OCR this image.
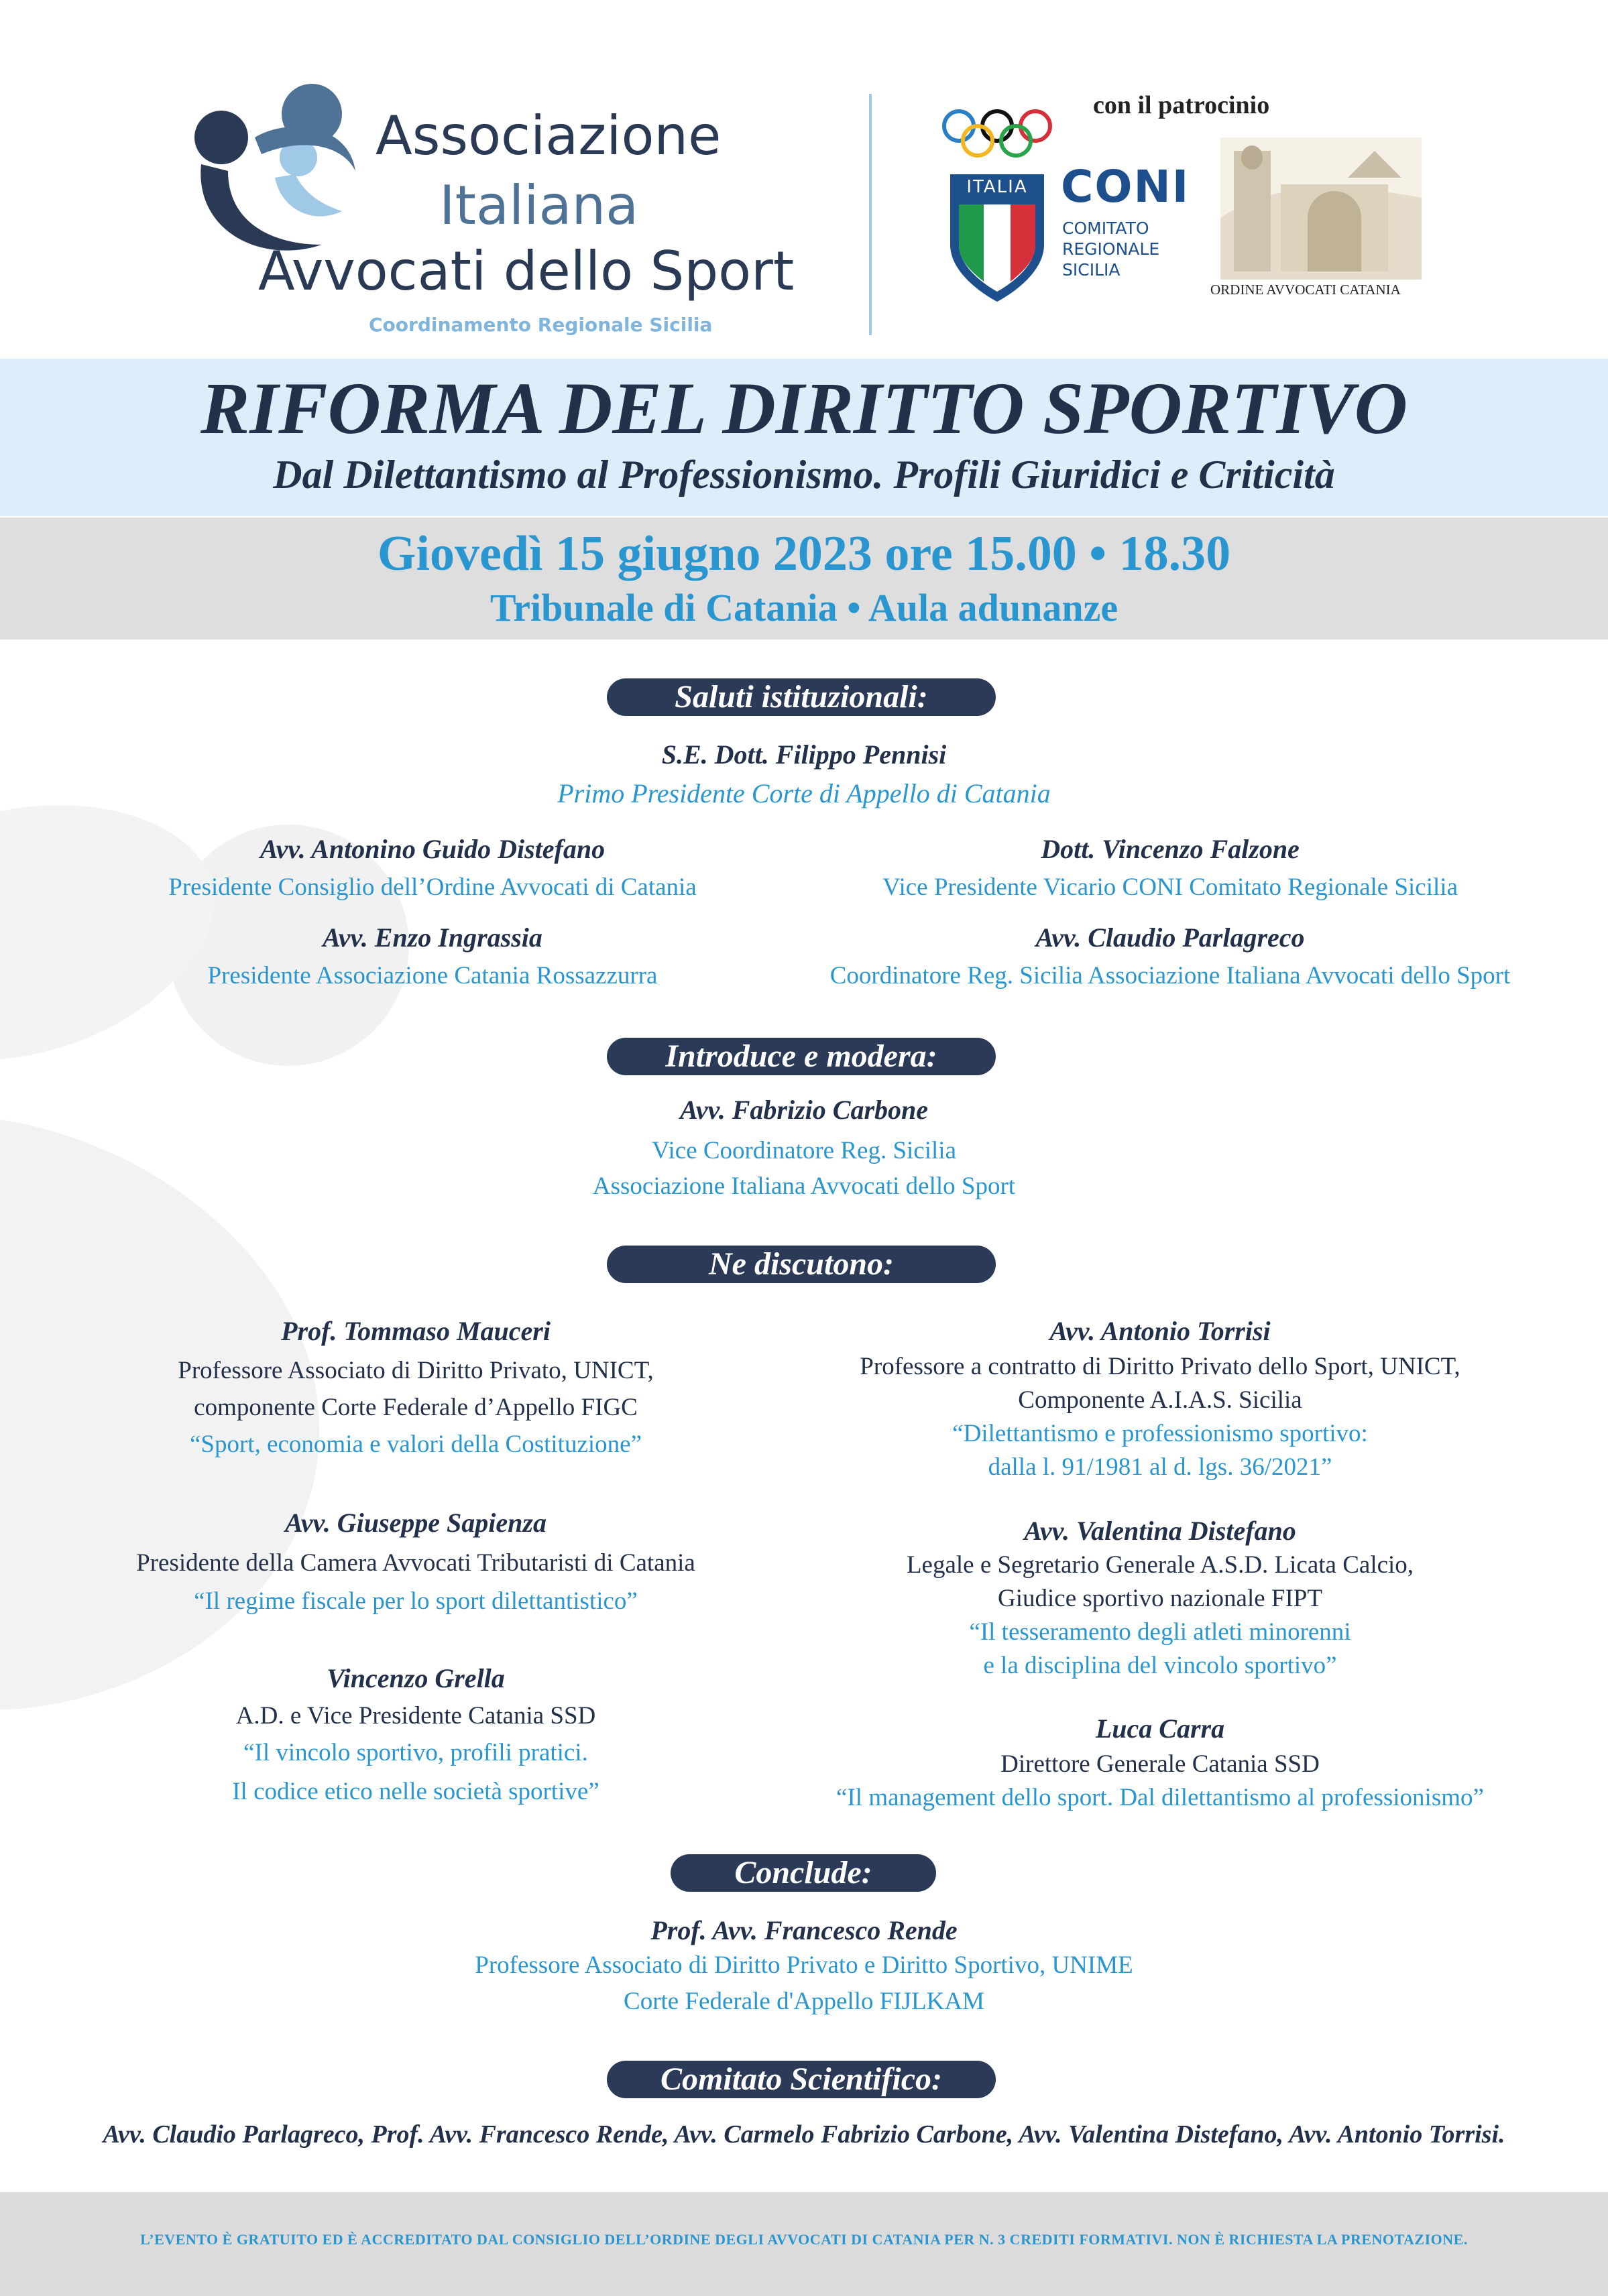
Associazione
Italiana
Avvocati dello Sport
Coordinamento Regionale Sicilia
con il patrocinio
ITALIA CONI
COMITATO
REGIONALE
SICILIA
ORDINE AVVOCATI CATANIA
RIFORMA DEL DIRITTO SPORTIVO
Dal Dilettantismo al Professionismo. Profili Giuridici e Criticità
Giovedì 15 giugno 2023 ore 15.00 • 18.30
Tribunale di Catania • Aula adunanze
Saluti istituzionali:
S.E. Dott. Filippo Pennisi
Primo Presidente Corte di Appello di Catania
Avv. Antonino Guido Distefano
Presidente Consiglio dell’Ordine Avvocati di Catania
Avv. Enzo Ingrassia
Presidente Associazione Catania Rossazzurra
Dott. Vincenzo Falzone
Vice Presidente Vicario CONI Comitato Regionale Sicilia
Avv. Claudio Parlagreco
Coordinatore Reg. Sicilia Associazione Italiana Avvocati dello Sport
Introduce e modera:
Avv. Fabrizio Carbone
Vice Coordinatore Reg. Sicilia
Associazione Italiana Avvocati dello Sport
Ne discutono:
Prof. Tommaso Mauceri
Professore Associato di Diritto Privato, UNICT,
componente Corte Federale d’Appello FIGC
“Sport, economia e valori della Costituzione”
Avv. Giuseppe Sapienza
Presidente della Camera Avvocati Tributaristi di Catania
“Il regime fiscale per lo sport dilettantistico”
Vincenzo Grella
A.D. e Vice Presidente Catania SSD
“Il vincolo sportivo, profili pratici.
Il codice etico nelle società sportive”
Avv. Antonio Torrisi
Professore a contratto di Diritto Privato dello Sport, UNICT,
Componente A.I.A.S. Sicilia
“Dilettantismo e professionismo sportivo:
dalla l. 91/1981 al d. lgs. 36/2021”
Avv. Valentina Distefano
Legale e Segretario Generale A.S.D. Licata Calcio,
Giudice sportivo nazionale FIPT
“Il tesseramento degli atleti minorenni
e la disciplina del vincolo sportivo”
Luca Carra
Direttore Generale Catania SSD
“Il management dello sport. Dal dilettantismo al professionismo”
Conclude:
Prof. Avv. Francesco Rende
Professore Associato di Diritto Privato e Diritto Sportivo, UNIME
Corte Federale d'Appello FIJLKAM
Comitato Scientifico:
Avv. Claudio Parlagreco, Prof. Avv. Francesco Rende, Avv. Carmelo Fabrizio Carbone, Avv. Valentina Distefano, Avv. Antonio Torrisi.
L’EVENTO È GRATUITO ED È ACCREDITATO DAL CONSIGLIO DELL’ORDINE DEGLI AVVOCATI DI CATANIA PER N. 3 CREDITI FORMATIVI. NON È RICHIESTA LA PRENOTAZIONE.
